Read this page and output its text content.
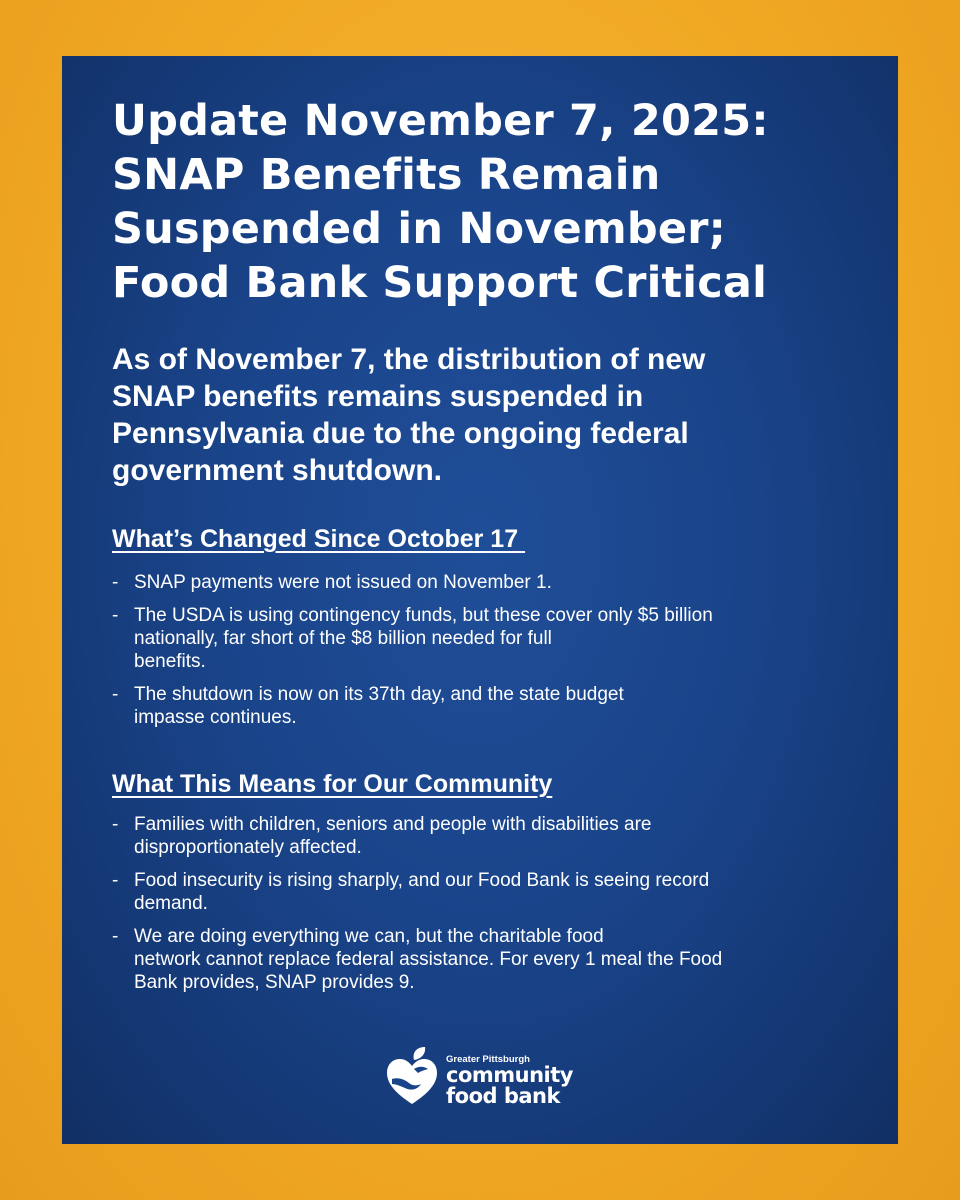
Update November 7, 2025:
SNAP Benefits Remain
Suspended in November;
Food Bank Support Critical

As of November 7, the distribution of new
SNAP benefits remains suspended in
Pennsylvania due to the ongoing federal
government shutdown.

What’s Changed Since October 17
- SNAP payments were not issued on November 1.
- The USDA is using contingency funds, but these cover only $5 billion
nationally, far short of the $8 billion needed for full
benefits.
- The shutdown is now on its 37th day, and the state budget
impasse continues.
What This Means for Our Community
- Families with children, seniors and people with disabilities are
disproportionately affected.
- Food insecurity is rising sharply, and our Food Bank is seeing record
demand.
- We are doing everything we can, but the charitable food
network cannot replace federal assistance. For every 1 meal the Food
Bank provides, SNAP provides 9.
Greater Pittsburgh
community
food bank
